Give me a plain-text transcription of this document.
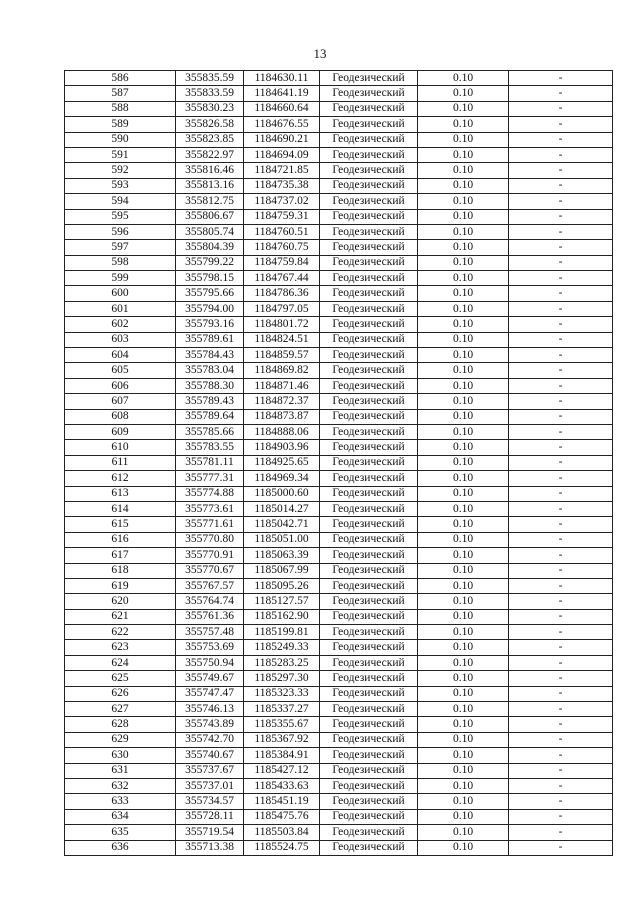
13
586	355835.59	1184630.11	Геодезический	0.10	-
587	355833.59	1184641.19	Геодезический	0.10	-
588	355830.23	1184660.64	Геодезический	0.10	-
589	355826.58	1184676.55	Геодезический	0.10	-
590	355823.85	1184690.21	Геодезический	0.10	-
591	355822.97	1184694.09	Геодезический	0.10	-
592	355816.46	1184721.85	Геодезический	0.10	-
593	355813.16	1184735.38	Геодезический	0.10	-
594	355812.75	1184737.02	Геодезический	0.10	-
595	355806.67	1184759.31	Геодезический	0.10	-
596	355805.74	1184760.51	Геодезический	0.10	-
597	355804.39	1184760.75	Геодезический	0.10	-
598	355799.22	1184759.84	Геодезический	0.10	-
599	355798.15	1184767.44	Геодезический	0.10	-
600	355795.66	1184786.36	Геодезический	0.10	-
601	355794.00	1184797.05	Геодезический	0.10	-
602	355793.16	1184801.72	Геодезический	0.10	-
603	355789.61	1184824.51	Геодезический	0.10	-
604	355784.43	1184859.57	Геодезический	0.10	-
605	355783.04	1184869.82	Геодезический	0.10	-
606	355788.30	1184871.46	Геодезический	0.10	-
607	355789.43	1184872.37	Геодезический	0.10	-
608	355789.64	1184873.87	Геодезический	0.10	-
609	355785.66	1184888.06	Геодезический	0.10	-
610	355783.55	1184903.96	Геодезический	0.10	-
611	355781.11	1184925.65	Геодезический	0.10	-
612	355777.31	1184969.34	Геодезический	0.10	-
613	355774.88	1185000.60	Геодезический	0.10	-
614	355773.61	1185014.27	Геодезический	0.10	-
615	355771.61	1185042.71	Геодезический	0.10	-
616	355770.80	1185051.00	Геодезический	0.10	-
617	355770.91	1185063.39	Геодезический	0.10	-
618	355770.67	1185067.99	Геодезический	0.10	-
619	355767.57	1185095.26	Геодезический	0.10	-
620	355764.74	1185127.57	Геодезический	0.10	-
621	355761.36	1185162.90	Геодезический	0.10	-
622	355757.48	1185199.81	Геодезический	0.10	-
623	355753.69	1185249.33	Геодезический	0.10	-
624	355750.94	1185283.25	Геодезический	0.10	-
625	355749.67	1185297.30	Геодезический	0.10	-
626	355747.47	1185323.33	Геодезический	0.10	-
627	355746.13	1185337.27	Геодезический	0.10	-
628	355743.89	1185355.67	Геодезический	0.10	-
629	355742.70	1185367.92	Геодезический	0.10	-
630	355740.67	1185384.91	Геодезический	0.10	-
631	355737.67	1185427.12	Геодезический	0.10	-
632	355737.01	1185433.63	Геодезический	0.10	-
633	355734.57	1185451.19	Геодезический	0.10	-
634	355728.11	1185475.76	Геодезический	0.10	-
635	355719.54	1185503.84	Геодезический	0.10	-
636	355713.38	1185524.75	Геодезический	0.10	-
